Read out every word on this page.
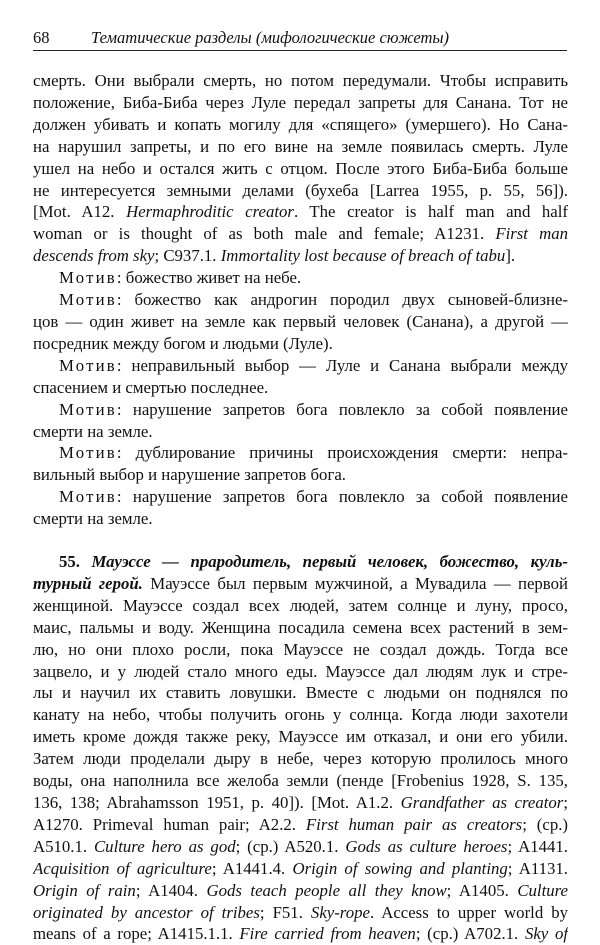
68	Тематические разделы (мифологические сюжеты)
смерть. Они выбрали смерть, но потом передумали. Чтобы исправить
положение, Биба-Биба через Луле передал запреты для Санана. Тот не
должен убивать и копать могилу для «спящего» (умершего). Но Сана-
на нарушил запреты, и по его вине на земле появилась смерть. Луле
ушел на небо и остался жить с отцом. После этого Биба-Биба больше
не интересуется земными делами (бухеба [Larrea 1955, p. 55, 56]).
[Mot. A12. Hermaphroditic creator. The creator is half man and half
woman or is thought of as both male and female; A1231. First man
descends from sky; C937.1. Immortality lost because of breach of tabu].
Мотив: божество живет на небе.
Мотив: божество как андрогин породил двух сыновей-близне-
цов — один живет на земле как первый человек (Санана), а другой —
посредник между богом и людьми (Луле).
Мотив: неправильный выбор — Луле и Санана выбрали между
спасением и смертью последнее.
Мотив: нарушение запретов бога повлекло за собой появление
смерти на земле.
Мотив: дублирование причины происхождения смерти: непра-
вильный выбор и нарушение запретов бога.
Мотив: нарушение запретов бога повлекло за собой появление
смерти на земле.
55. Мауэссе — прародитель, первый человек, божество, куль-
турный герой. Мауэссе был первым мужчиной, а Мувадила — первой
женщиной. Мауэссе создал всех людей, затем солнце и луну, просо,
маис, пальмы и воду. Женщина посадила семена всех растений в зем-
лю, но они плохо росли, пока Мауэссе не создал дождь. Тогда все
зацвело, и у людей стало много еды. Мауэссе дал людям лук и стре-
лы и научил их ставить ловушки. Вместе с людьми он поднялся по
канату на небо, чтобы получить огонь у солнца. Когда люди захотели
иметь кроме дождя также реку, Мауэссе им отказал, и они его убили.
Затем люди проделали дыру в небе, через которую пролилось много
воды, она наполнила все желоба земли (пенде [Frobenius 1928, S. 135,
136, 138; Abrahamsson 1951, p. 40]). [Mot. A1.2. Grandfather as creator;
A1270. Primeval human pair; A2.2. First human pair as creators; (cp.)
A510.1. Culture hero as god; (cp.) A520.1. Gods as culture heroes; A1441.
Acquisition of agriculture; A1441.4. Origin of sowing and planting; A1131.
Origin of rain; A1404. Gods teach people all they know; A1405. Culture
originated by ancestor of tribes; F51. Sky-rope. Access to upper world by
means of a rope; A1415.1.1. Fire carried from heaven; (cp.) A702.1. Sky of
